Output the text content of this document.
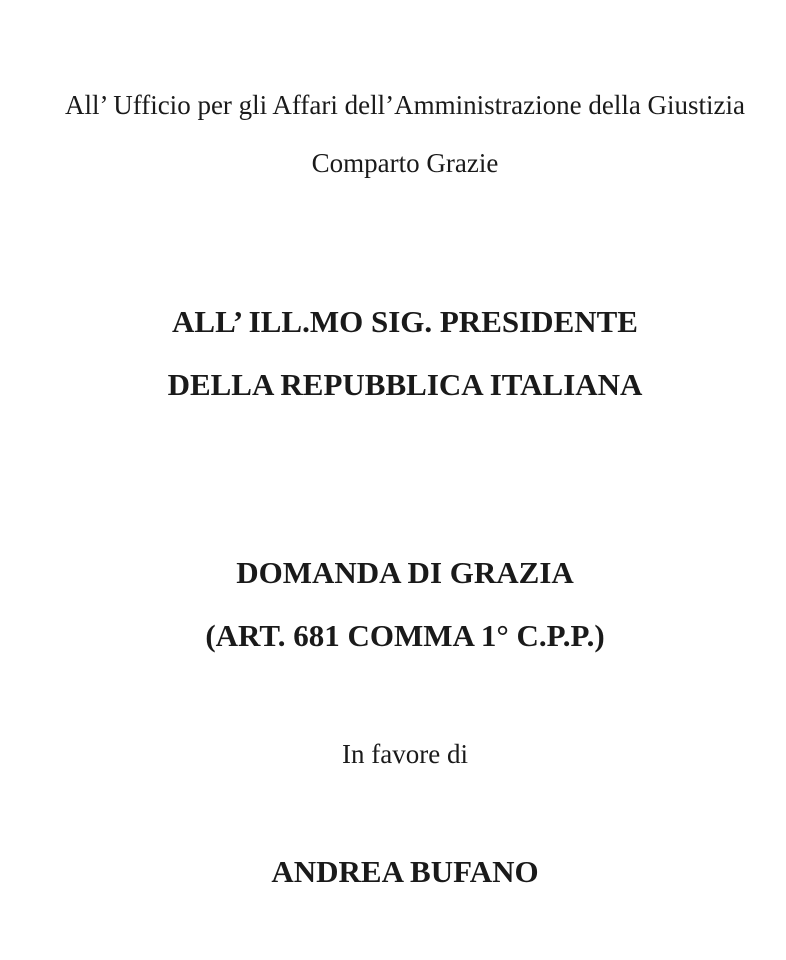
All’ Ufficio per gli Affari dell’Amministrazione della Giustizia
Comparto Grazie
ALL’ ILL.MO SIG. PRESIDENTE
DELLA REPUBBLICA ITALIANA
DOMANDA DI GRAZIA
(ART. 681 COMMA 1° C.P.P.)
In favore di
ANDREA BUFANO
